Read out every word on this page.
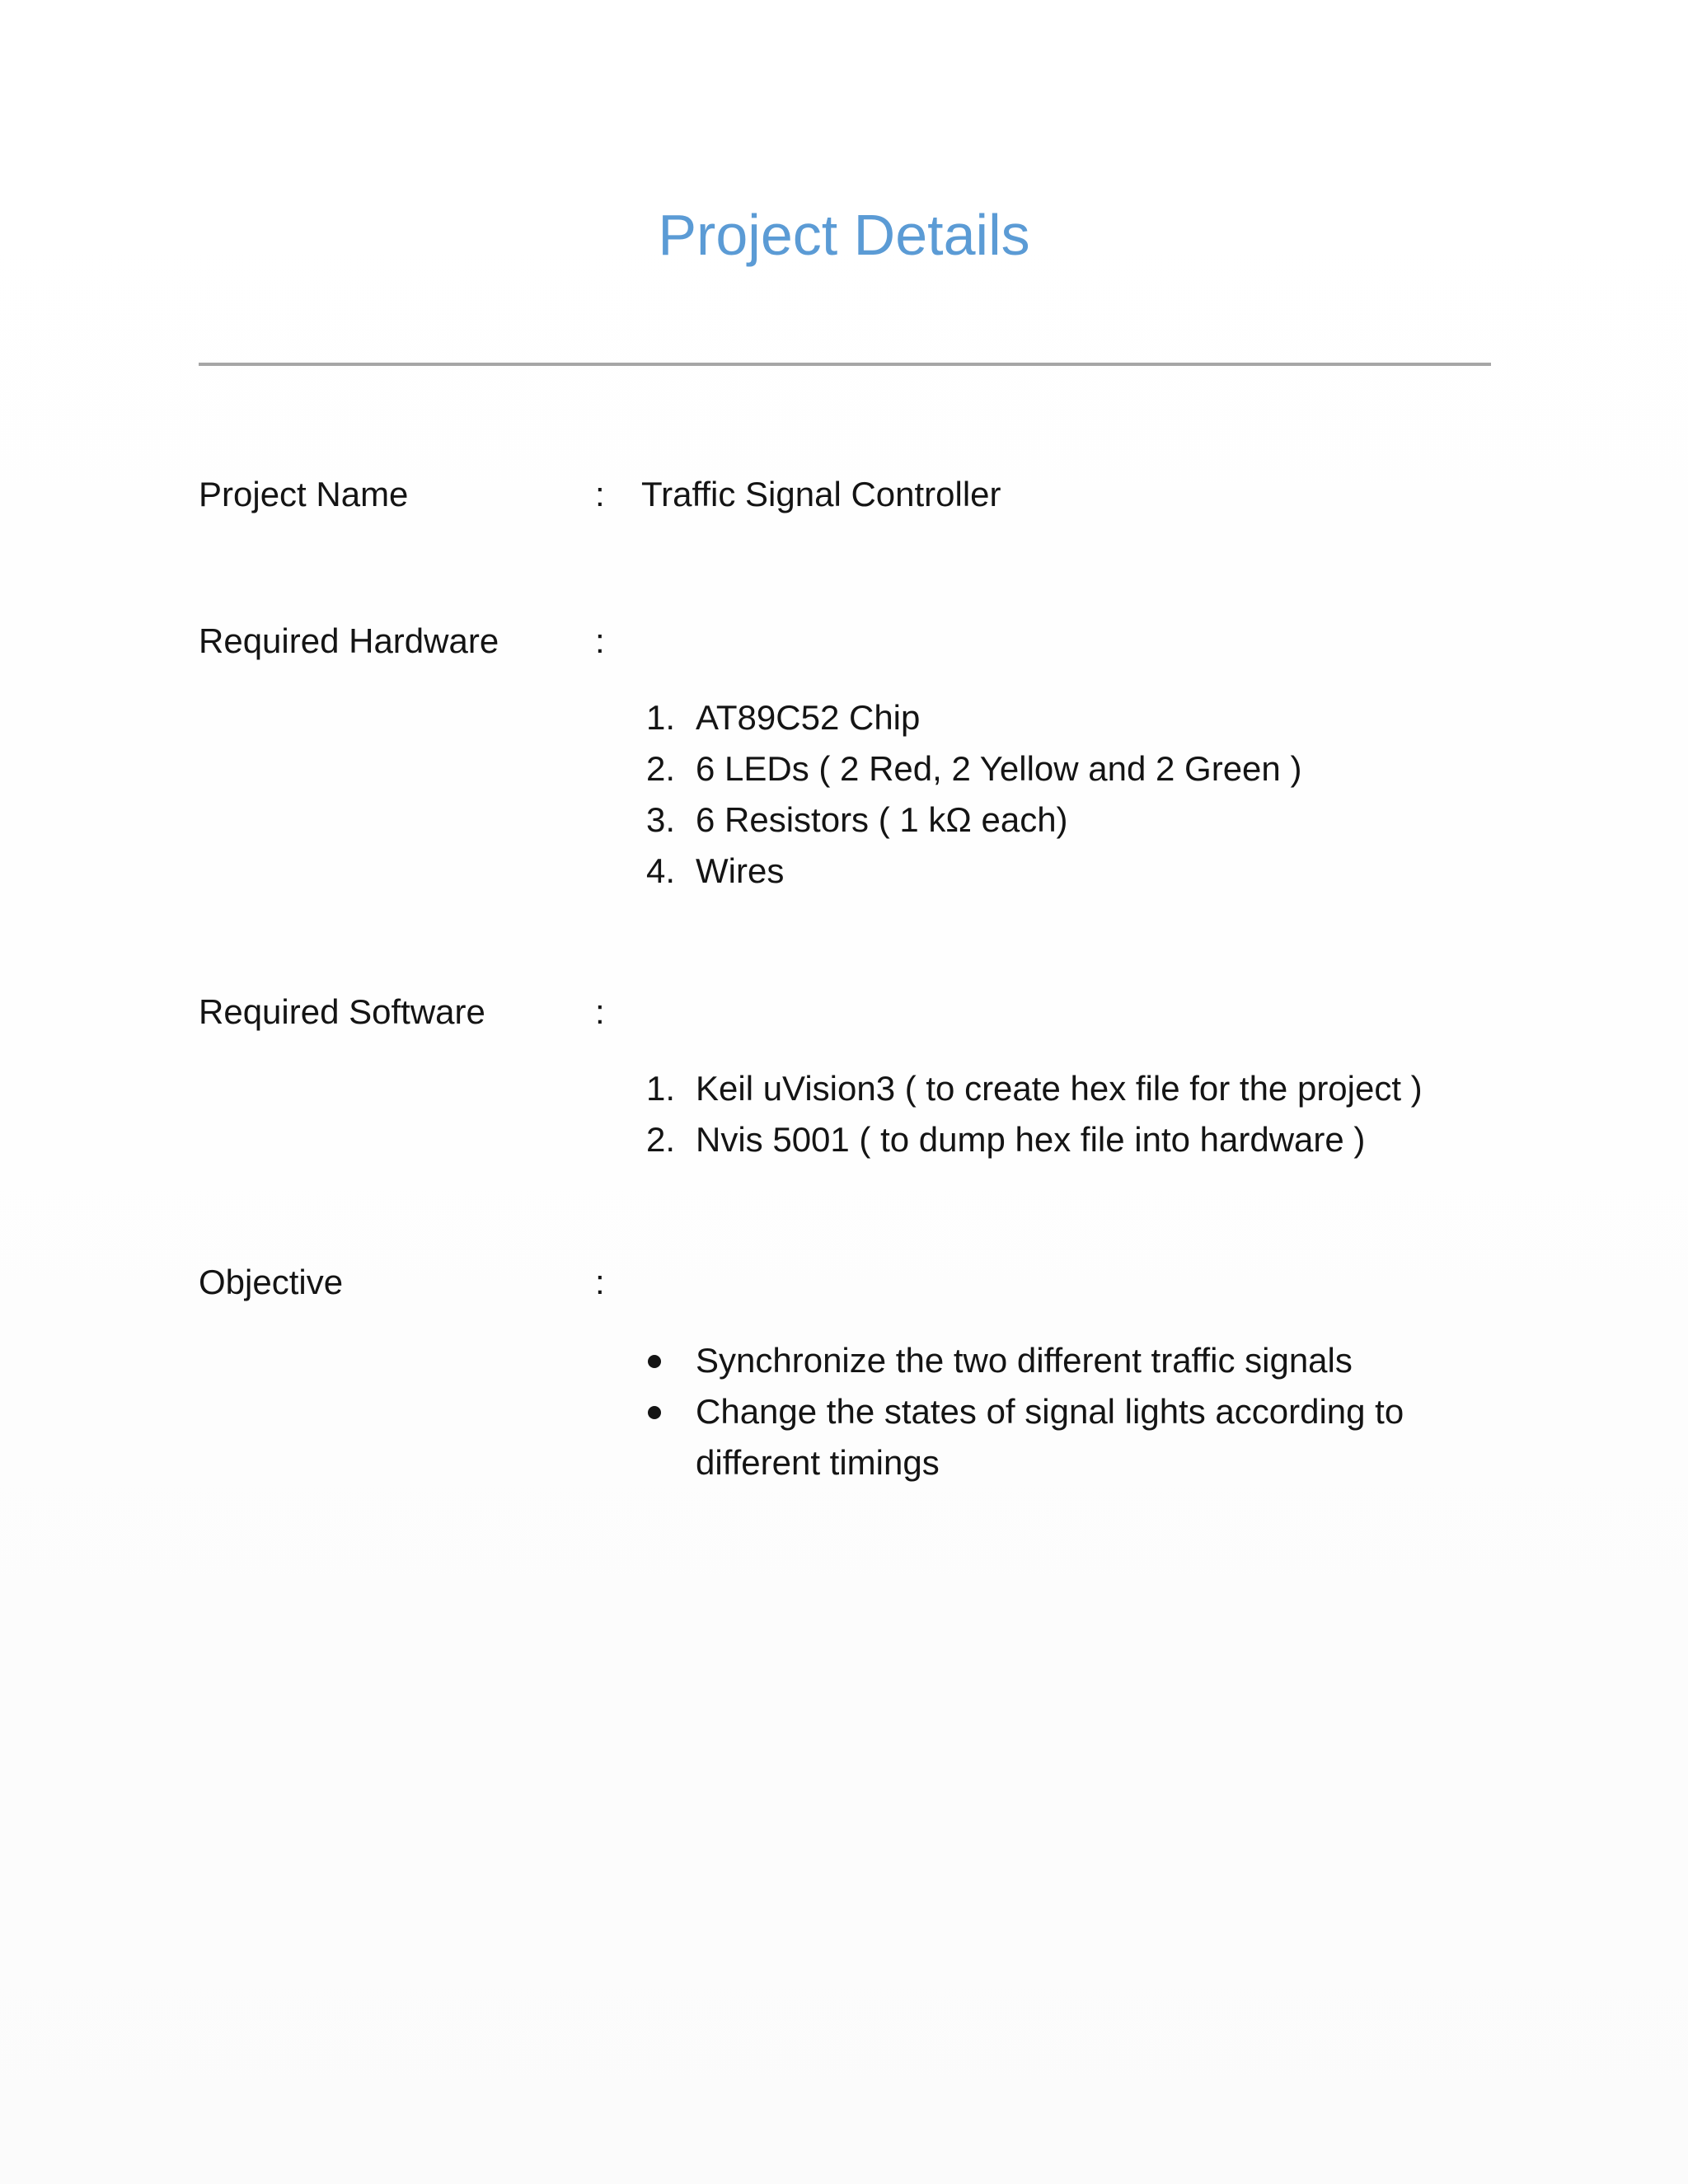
Project Details
Project Name	: Traffic Signal Controller
Required Hardware	:
1. AT89C52 Chip
2. 6 LEDs ( 2 Red, 2 Yellow and 2 Green )
3. 6 Resistors ( 1 kΩ each)
4. Wires
Required Software	:
1. Keil uVision3 ( to create hex file for the project )
2. Nvis 5001 ( to dump hex file into hardware )
Objective	:
Synchronize the two different traffic signals
Change the states of signal lights according to different timings
